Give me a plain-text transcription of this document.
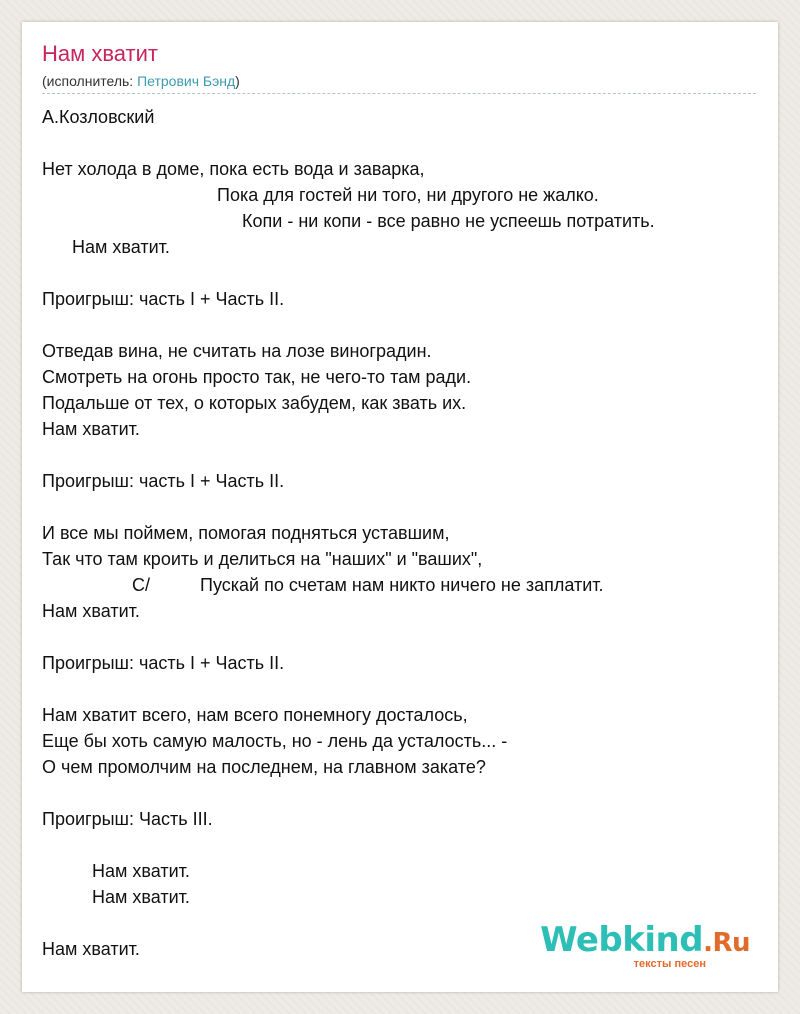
Нам хватит
(исполнитель: Петрович Бэнд)
А.Козловский
Нет холода в доме, пока есть вода и заварка,
Пока для гостей ни того, ни другого не жалко.
Копи - ни копи - все равно не успеешь потратить.
Нам хватит.
Проигрыш: часть I + Часть II.
Отведав вина, не считать на лозе виноградин.
Смотреть на огонь просто так, не чего-то там ради.
Подальше от тех, о которых забудем, как звать их.
Нам хватит.
Проигрыш: часть I + Часть II.
И все мы поймем, помогая подняться уставшим,
Так что там кроить и делиться на "наших" и "ваших",
C/          Пускай по счетам нам никто ничего не заплатит.
Нам хватит.
Проигрыш: часть I + Часть II.
Нам хватит всего, нам всего понемногу досталось,
Еще бы хоть самую малость, но - лень да усталость... -
О чем промолчим на последнем, на главном закате?
Проигрыш: Часть III.
Нам хватит.
Нам хватит.
Нам хватит.	Webkind.Ru
тексты песен
